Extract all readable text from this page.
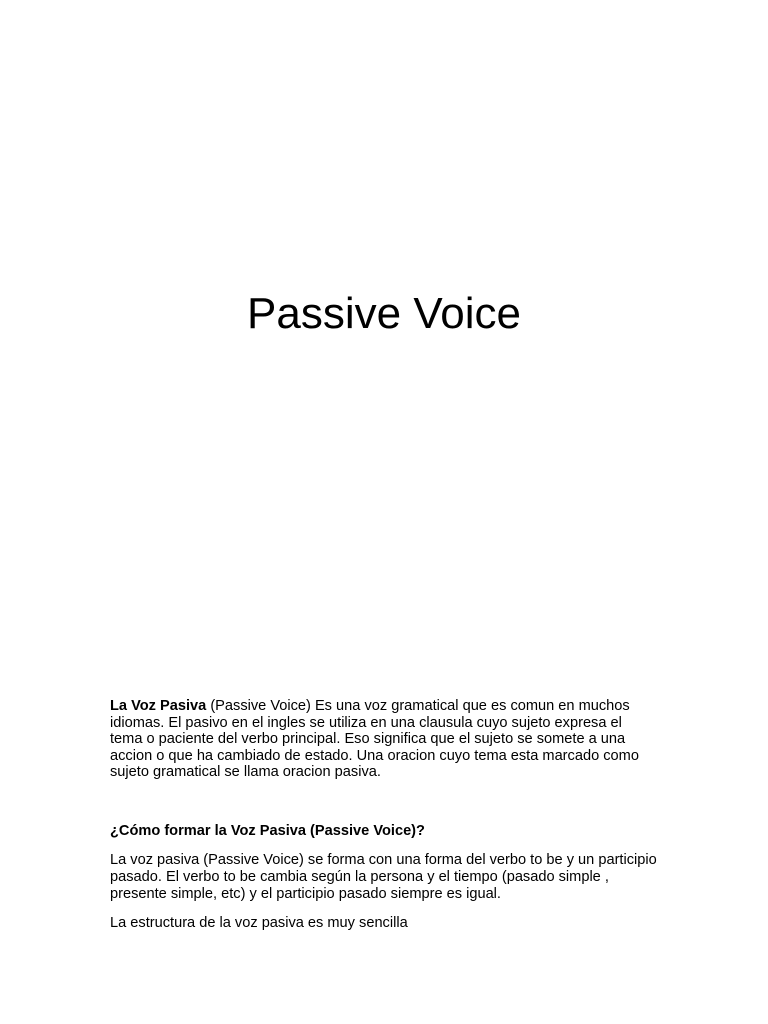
Passive Voice

La Voz Pasiva (Passive Voice) Es una voz gramatical que es comun en muchos idiomas. El pasivo en el ingles se utiliza en una clausula cuyo sujeto expresa el tema o paciente del verbo principal. Eso significa que el sujeto se somete a una accion o que ha cambiado de estado. Una oracion cuyo tema esta marcado como sujeto gramatical se llama oracion pasiva.

¿Cómo formar la Voz Pasiva (Passive Voice)?

La voz pasiva (Passive Voice) se forma con una forma del verbo to be y un participio pasado. El verbo to be cambia según la persona y el tiempo (pasado simple , presente simple, etc) y el participio pasado siempre es igual.

La estructura de la voz pasiva es muy sencilla
